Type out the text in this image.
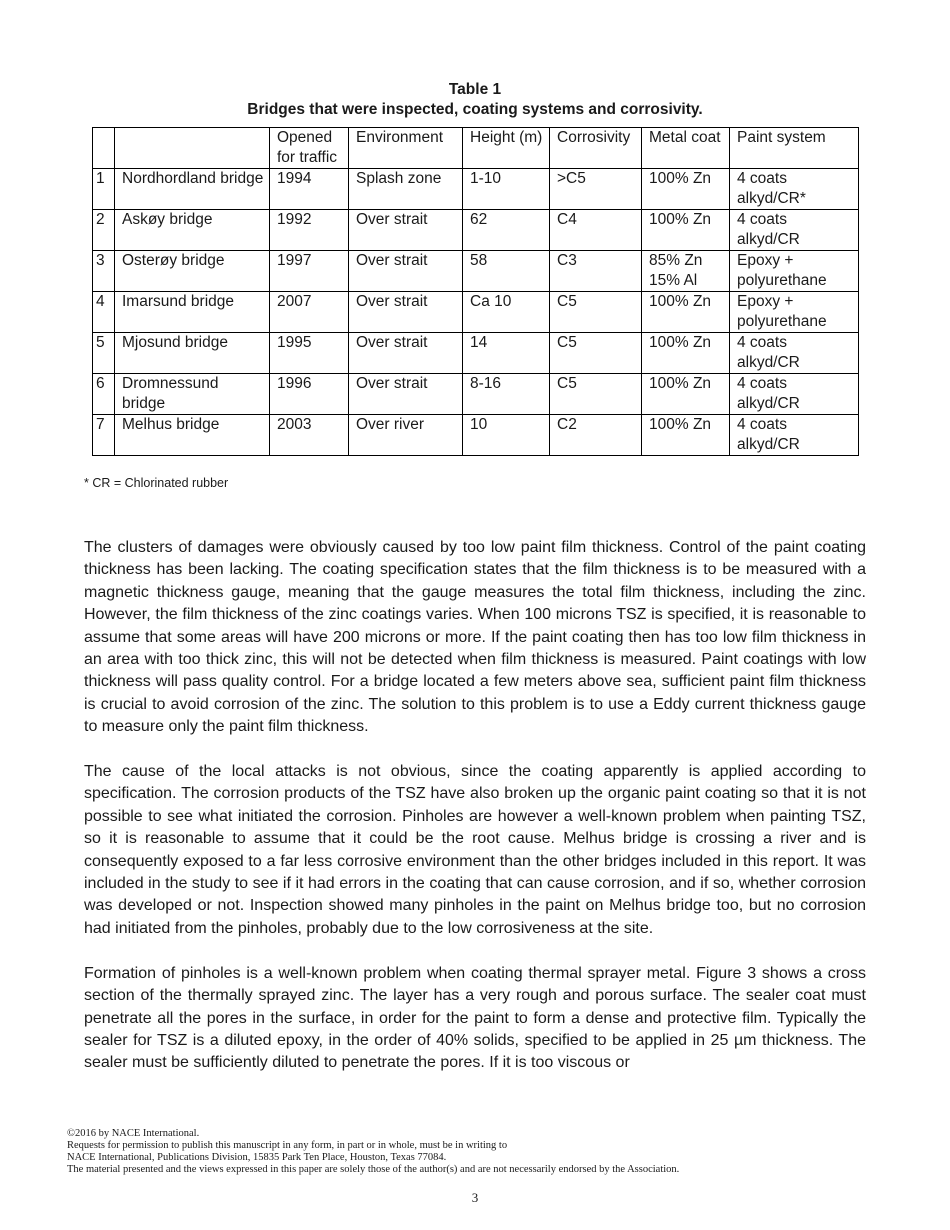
Table 1
Bridges that were inspected, coating systems and corrosivity.
		Opened for traffic	Environment	Height (m)	Corrosivity	Metal coat	Paint system
1	Nordhordland bridge	1994	Splash zone	1-10	>C5	100% Zn	4 coats alkyd/CR*
2	Askøy bridge	1992	Over strait	62	C4	100% Zn	4 coats alkyd/CR
3	Osterøy bridge	1997	Over strait	58	C3	85% Zn 15% Al	Epoxy + polyurethane
4	Imarsund bridge	2007	Over strait	Ca 10	C5	100% Zn	Epoxy + polyurethane
5	Mjosund bridge	1995	Over strait	14	C5	100% Zn	4 coats alkyd/CR
6	Dromnessund bridge	1996	Over strait	8-16	C5	100% Zn	4 coats alkyd/CR
7	Melhus bridge	2003	Over river	10	C2	100% Zn	4 coats alkyd/CR
* CR = Chlorinated rubber

The clusters of damages were obviously caused by too low paint film thickness. Control of the paint coating thickness has been lacking. The coating specification states that the film thickness is to be measured with a magnetic thickness gauge, meaning that the gauge measures the total film thickness, including the zinc. However, the film thickness of the zinc coatings varies. When 100 microns TSZ is specified, it is reasonable to assume that some areas will have 200 microns or more. If the paint coating then has too low film thickness in an area with too thick zinc, this will not be detected when film thickness is measured. Paint coatings with low thickness will pass quality control. For a bridge located a few meters above sea, sufficient paint film thickness is crucial to avoid corrosion of the zinc. The solution to this problem is to use a Eddy current thickness gauge to measure only the paint film thickness.

The cause of the local attacks is not obvious, since the coating apparently is applied according to specification. The corrosion products of the TSZ have also broken up the organic paint coating so that it is not possible to see what initiated the corrosion. Pinholes are however a well-known problem when painting TSZ, so it is reasonable to assume that it could be the root cause. Melhus bridge is crossing a river and is consequently exposed to a far less corrosive environment than the other bridges included in this report. It was included in the study to see if it had errors in the coating that can cause corrosion, and if so, whether corrosion was developed or not. Inspection showed many pinholes in the paint on Melhus bridge too, but no corrosion had initiated from the pinholes, probably due to the low corrosiveness at the site.

Formation of pinholes is a well-known problem when coating thermal sprayer metal. Figure 3 shows a cross section of the thermally sprayed zinc. The layer has a very rough and porous surface. The sealer coat must penetrate all the pores in the surface, in order for the paint to form a dense and protective film. Typically the sealer for TSZ is a diluted epoxy, in the order of 40% solids, specified to be applied in 25 µm thickness. The sealer must be sufficiently diluted to penetrate the pores. If it is too viscous or

©2016 by NACE International.
Requests for permission to publish this manuscript in any form, in part or in whole, must be in writing to
NACE International, Publications Division, 15835 Park Ten Place, Houston, Texas 77084.
The material presented and the views expressed in this paper are solely those of the author(s) and are not necessarily endorsed by the Association.
3
